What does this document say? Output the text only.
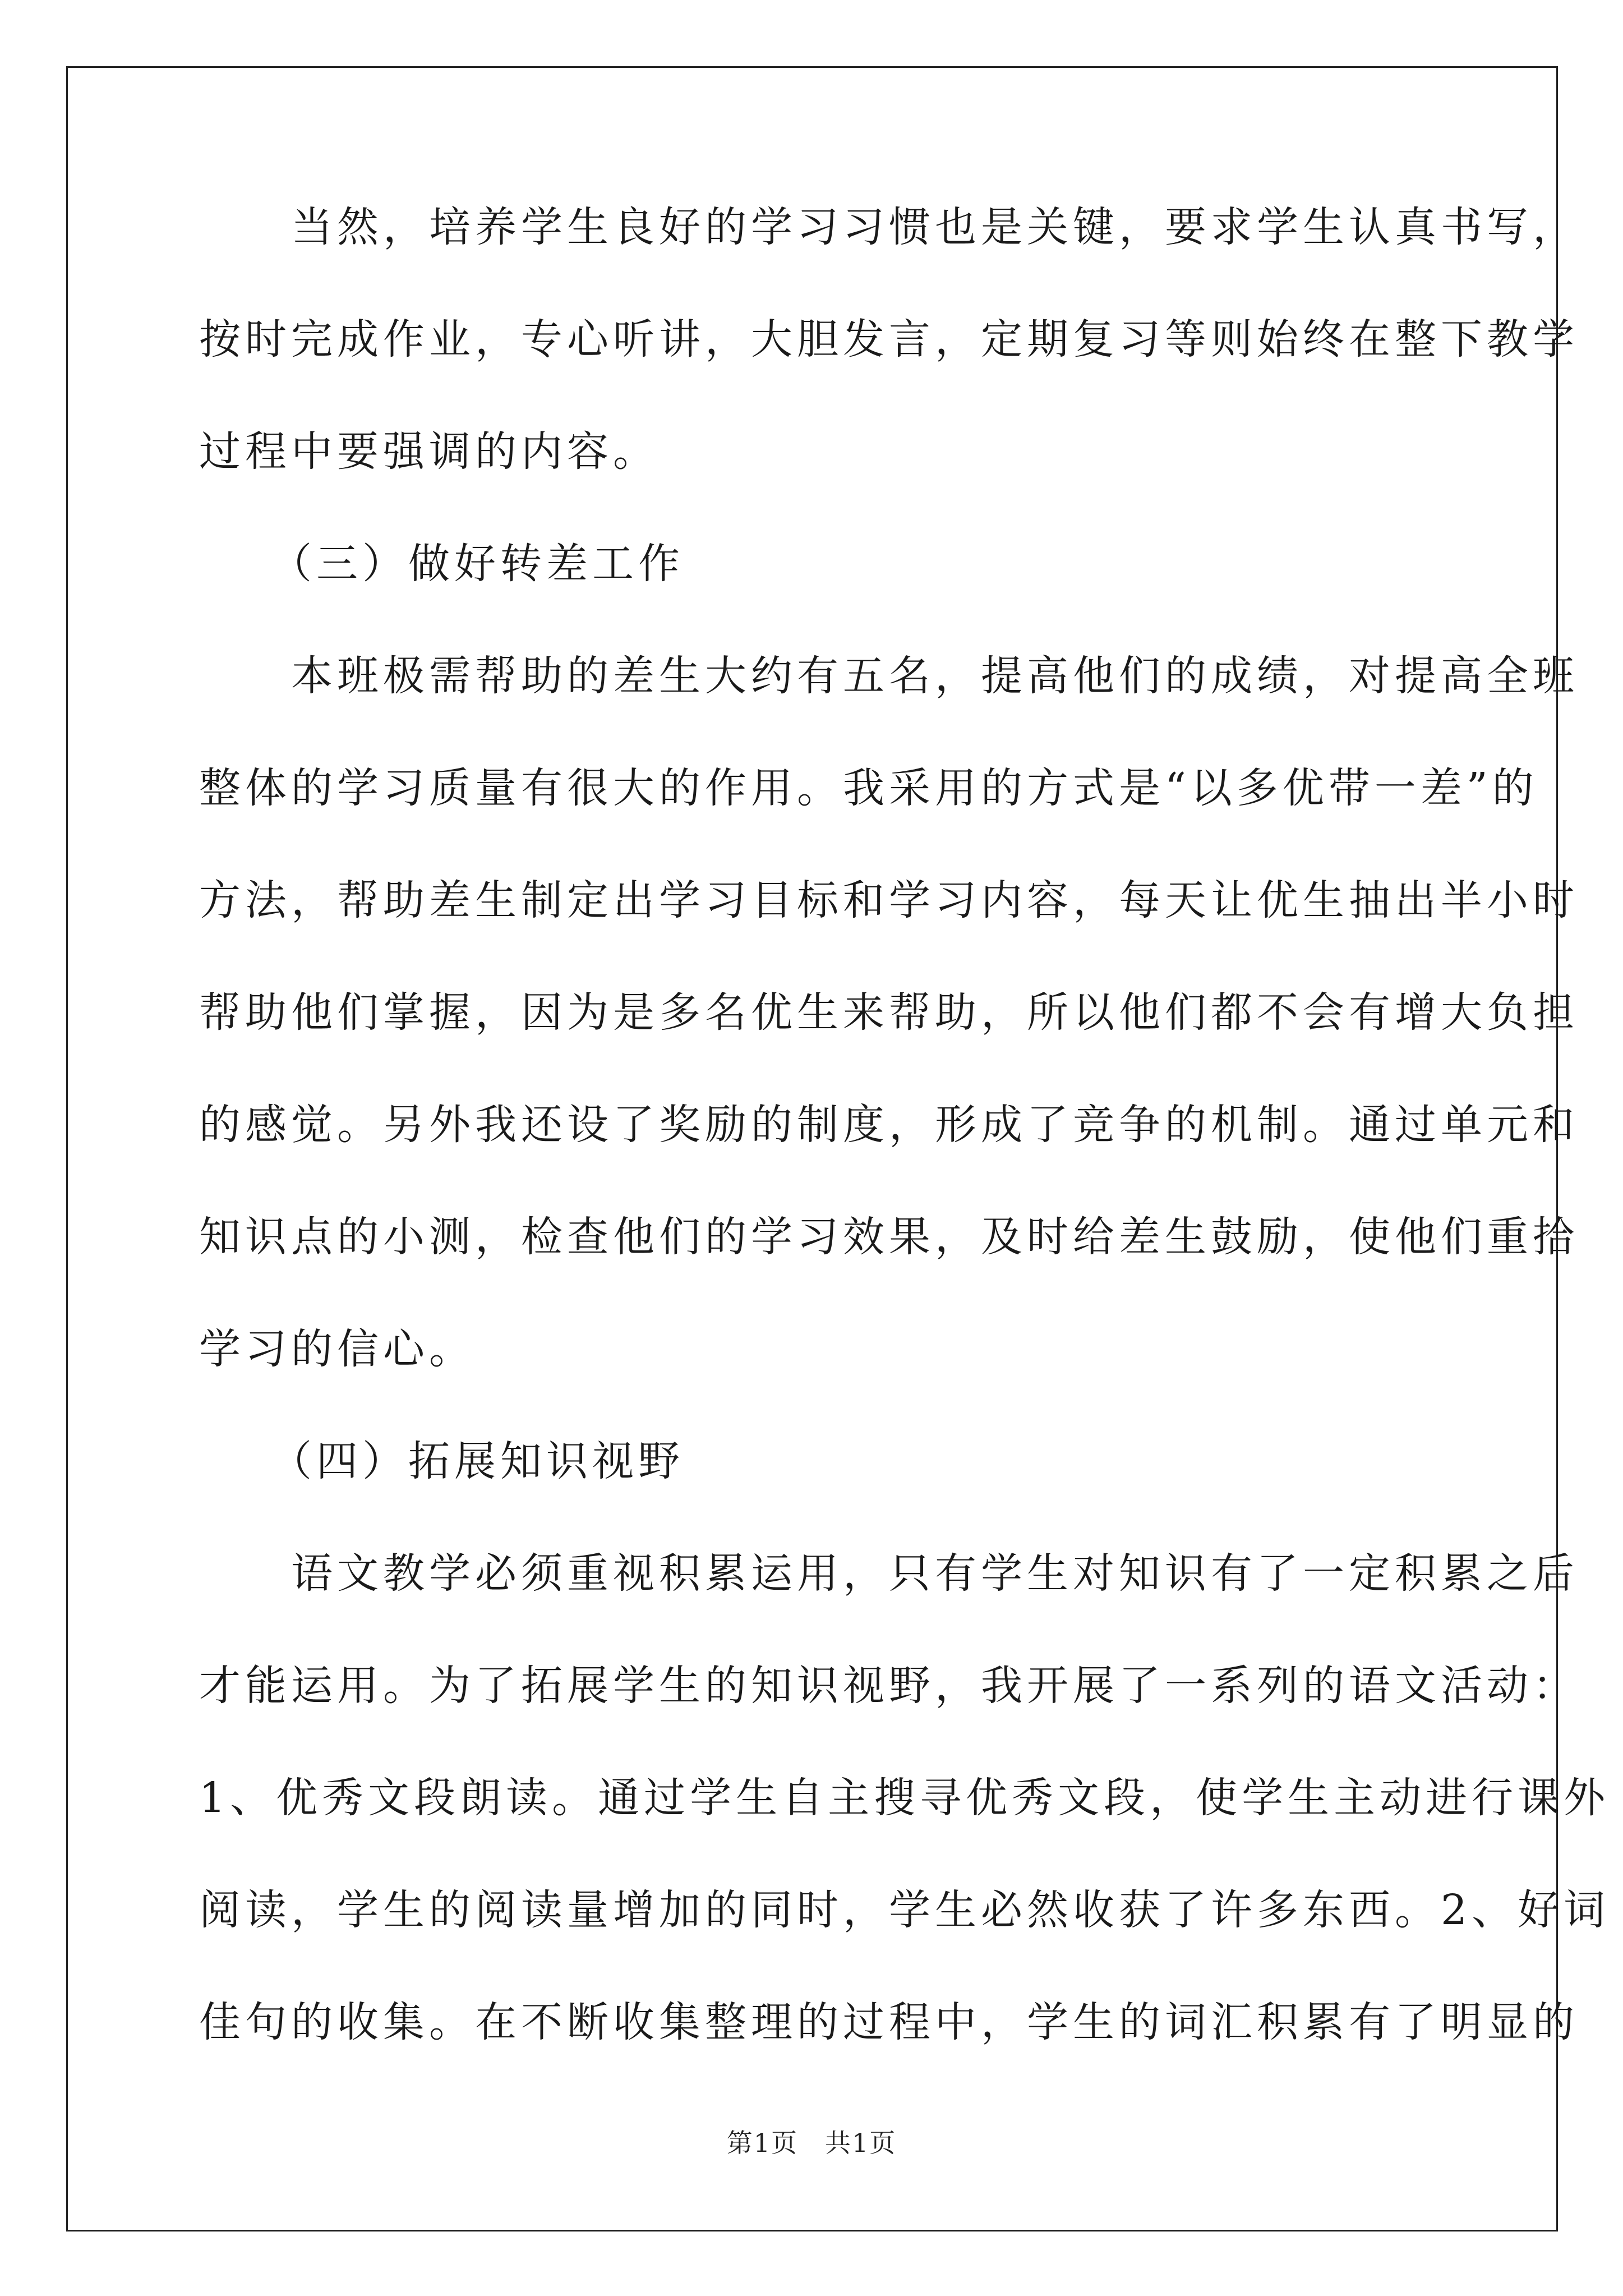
　　当然，培养学生良好的学习习惯也是关键，要求学生认真书写，
按时完成作业，专心听讲，大胆发言，定期复习等则始终在整下教学
过程中要强调的内容。
　　（三）做好转差工作
　　本班极需帮助的差生大约有五名，提高他们的成绩，对提高全班
整体的学习质量有很大的作用。我采用的方式是“以多优带一差”的
方法，帮助差生制定出学习目标和学习内容，每天让优生抽出半小时
帮助他们掌握，因为是多名优生来帮助，所以他们都不会有增大负担
的感觉。另外我还设了奖励的制度，形成了竞争的机制。通过单元和
知识点的小测，检查他们的学习效果，及时给差生鼓励，使他们重拾
学习的信心。
　　（四）拓展知识视野
　　语文教学必须重视积累运用，只有学生对知识有了一定积累之后
才能运用。为了拓展学生的知识视野，我开展了一系列的语文活动：
1、优秀文段朗读。通过学生自主搜寻优秀文段，使学生主动进行课外
阅读，学生的阅读量增加的同时，学生必然收获了许多东西。2、好词
佳句的收集。在不断收集整理的过程中，学生的词汇积累有了明显的
第1页　共1页
